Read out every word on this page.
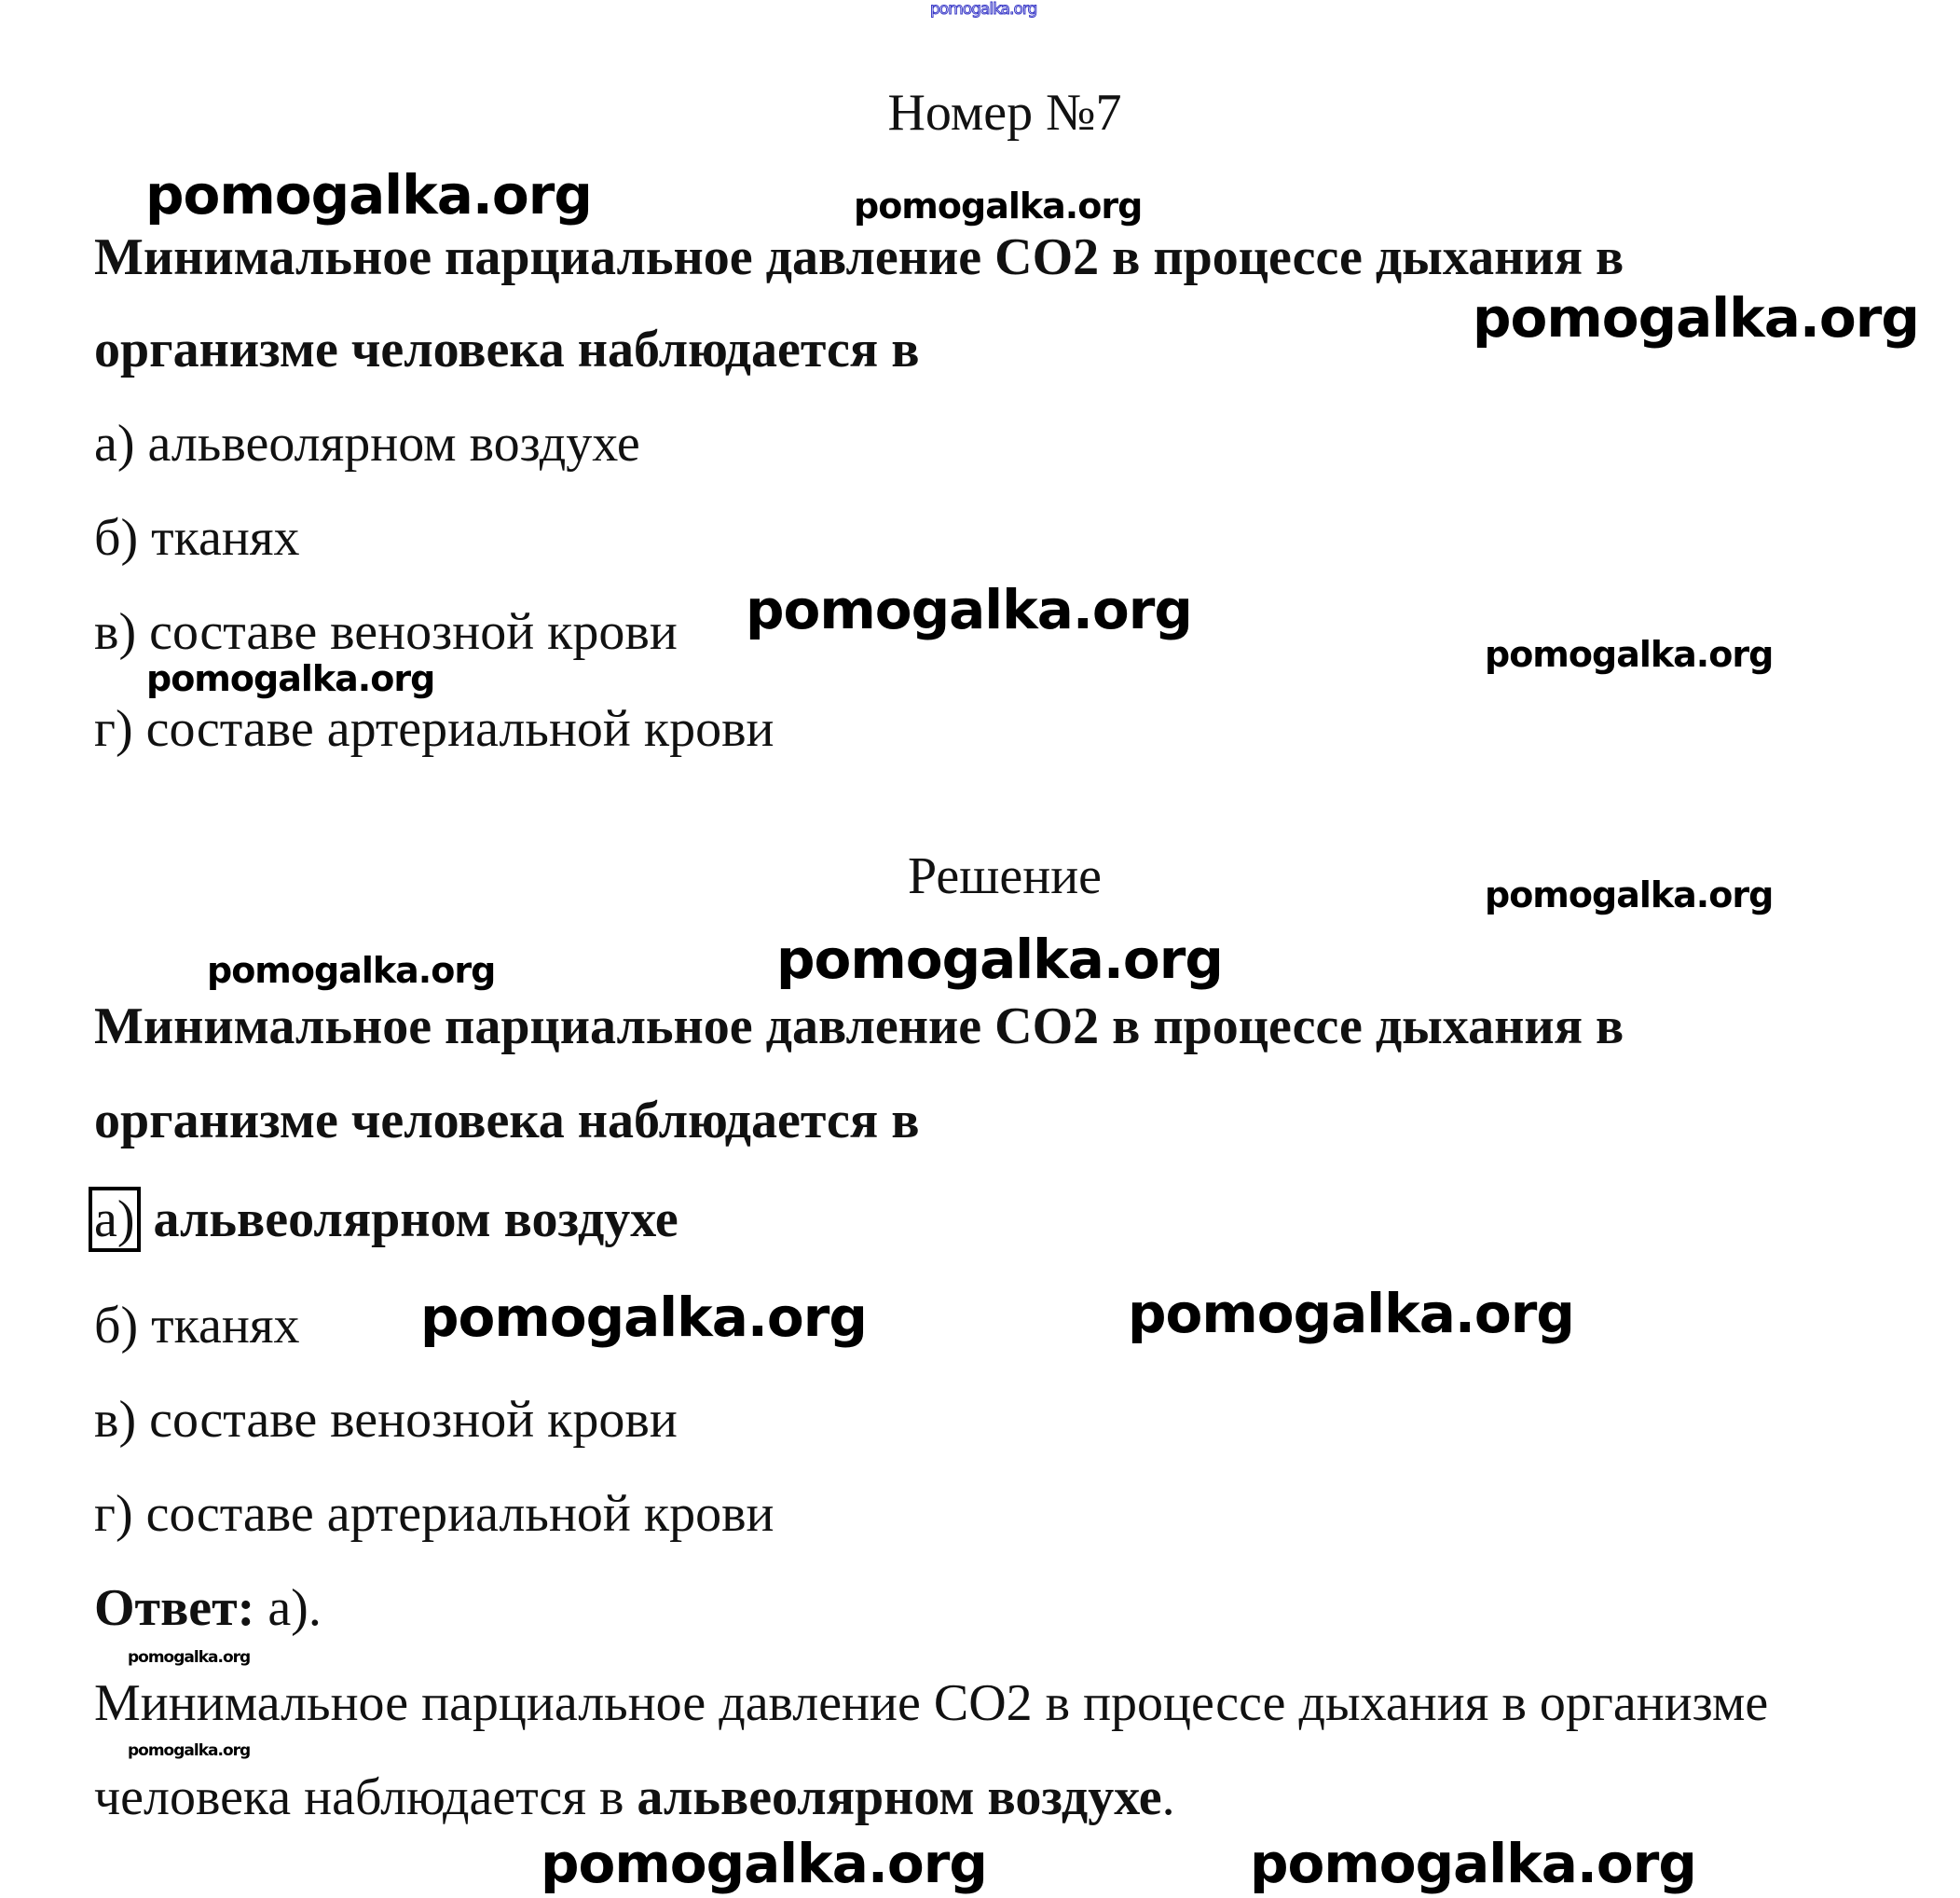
pomogalka.org
pomogalka.org	pomogalka.org
pomogalka.org
pomogalka.org
pomogalka.org
pomogalka.org
pomogalka.org
pomogalka.org	pomogalka.org
pomogalka.org	pomogalka.org
pomogalka.org
pomogalka.org
pomogalka.org	pomogalka.org
Номер №7
Минимальное парциальное давление СО2 в процессе дыхания в
организме человека наблюдается в
а) альвеолярном воздухе
б) тканях
в) составе венозной крови
г) составе артериальной крови
Решение
Минимальное парциальное давление СО2 в процессе дыхания в
организме человека наблюдается в
а) альвеолярном воздухе
б) тканях
в) составе венозной крови
г) составе артериальной крови
Ответ: а).
Минимальное парциальное давление СО2 в процессе дыхания в организме
человека наблюдается в альвеолярном воздухе.
